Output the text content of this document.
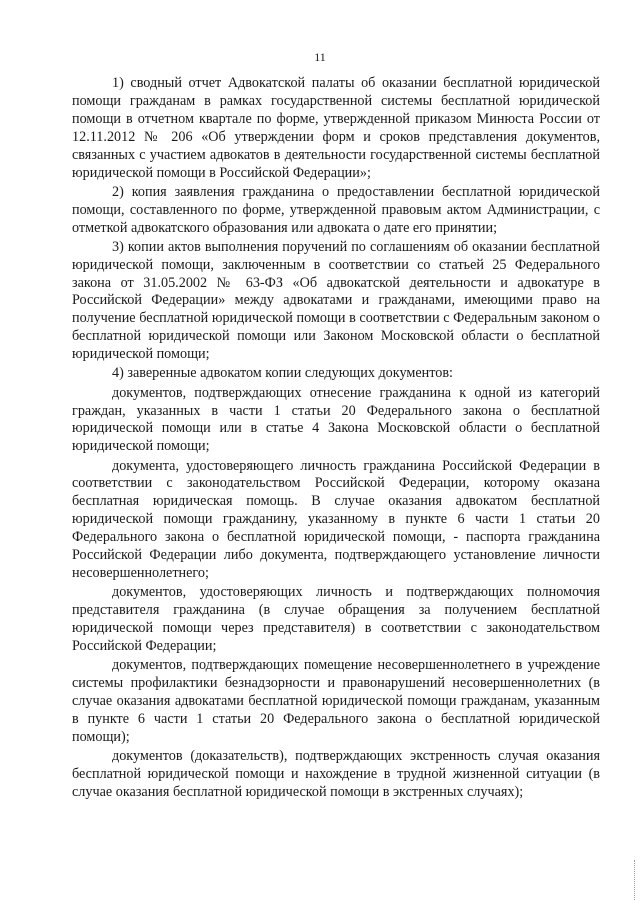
11

1) сводный отчет Адвокатской палаты об оказании бесплатной юридической помощи гражданам в рамках государственной системы бесплатной юридической помощи в отчетном квартале по форме, утвержденной приказом Минюста России от 12.11.2012 № 206 «Об утверждении форм и сроков представления документов, связанных с участием адвокатов в деятельности государственной системы бесплатной юридической помощи в Российской Федерации»;

2) копия заявления гражданина о предоставлении бесплатной юридической помощи, составленного по форме, утвержденной правовым актом Администрации, с отметкой адвокатского образования или адвоката о дате его принятии;

3) копии актов выполнения поручений по соглашениям об оказании бесплатной юридической помощи, заключенным в соответствии со статьей 25 Федерального закона от 31.05.2002 № 63-ФЗ «Об адвокатской деятельности и адвокатуре в Российской Федерации» между адвокатами и гражданами, имеющими право на получение бесплатной юридической помощи в соответствии с Федеральным законом о бесплатной юридической помощи или Законом Московской области о бесплатной юридической помощи;

4) заверенные адвокатом копии следующих документов:

документов, подтверждающих отнесение гражданина к одной из категорий граждан, указанных в части 1 статьи 20 Федерального закона о бесплатной юридической помощи или в статье 4 Закона Московской области о бесплатной юридической помощи;

документа, удостоверяющего личность гражданина Российской Федерации в соответствии с законодательством Российской Федерации, которому оказана бесплатная юридическая помощь. В случае оказания адвокатом бесплатной юридической помощи гражданину, указанному в пункте 6 части 1 статьи 20 Федерального закона о бесплатной юридической помощи, - паспорта гражданина Российской Федерации либо документа, подтверждающего установление личности несовершеннолетнего;

документов, удостоверяющих личность и подтверждающих полномочия представителя гражданина (в случае обращения за получением бесплатной юридической помощи через представителя) в соответствии с законодательством Российской Федерации;

документов, подтверждающих помещение несовершеннолетнего в учреждение системы профилактики безнадзорности и правонарушений несовершеннолетних (в случае оказания адвокатами бесплатной юридической помощи гражданам, указанным в пункте 6 части 1 статьи 20 Федерального закона о бесплатной юридической помощи);

документов (доказательств), подтверждающих экстренность случая оказания бесплатной юридической помощи и нахождение в трудной жизненной ситуации (в случае оказания бесплатной юридической помощи в экстренных случаях);
